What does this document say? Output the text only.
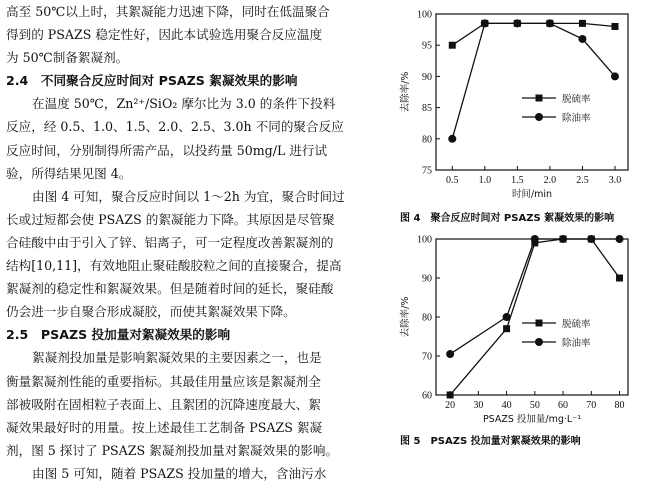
高至 50℃以上时，其絮凝能力迅速下降，同时在低温聚合

得到的 PSAZS 稳定性好，因此本试验选用聚合反应温度

为 50℃制备絮凝剂。

2.4　不同聚合反应时间对 PSAZS 絮凝效果的影响

在温度 50℃，Zn²⁺/SiO₂ 摩尔比为 3.0 的条件下投料

反应，经 0.5、1.0、1.5、2.0、2.5、3.0h 不同的聚合反应

反应时间，分别制得所需产品，以投药量 50mg/L 进行试

验，所得结果见图 4。

由图 4 可知，聚合反应时间以 1～2h 为宜，聚合时间过

长或过短都会使 PSAZS 的絮凝能力下降。其原因是尽管聚

合硅酸中由于引入了锌、铝离子，可一定程度改善絮凝剂的

结构[10,11]，有效地阻止聚硅酸胶粒之间的直接聚合，提高

絮凝剂的稳定性和絮凝效果。但是随着时间的延长，聚硅酸

仍会进一步自聚合形成凝胶，而使其絮凝效果下降。

2.5　PSAZS 投加量对絮凝效果的影响

絮凝剂投加量是影响絮凝效果的主要因素之一，也是

衡量絮凝剂性能的重要指标。其最佳用量应该是絮凝剂全

部被吸附在固相粒子表面上、且絮团的沉降速度最大、絮

凝效果最好时的用量。按上述最佳工艺制备 PSAZS 絮凝

剂，图 5 探讨了 PSAZS 絮凝剂投加量对絮凝效果的影响。

由图 5 可知，随着 PSAZS 投加量的增大，含油污水

75
80
85
90
95
100
0.5 1.0 1.5 2.0 2.5 3.0
时间/min
去除率/%	脱硫率
除油率
图 4　聚合反应时间对 PSAZS 絮凝效果的影响
60
70
80
90
100
20 30 40 50 60 70 80
PSAZS 投加量/mg·L⁻¹
去除率/%	脱硫率
除油率
图 5　PSAZS 投加量对絮凝效果的影响
